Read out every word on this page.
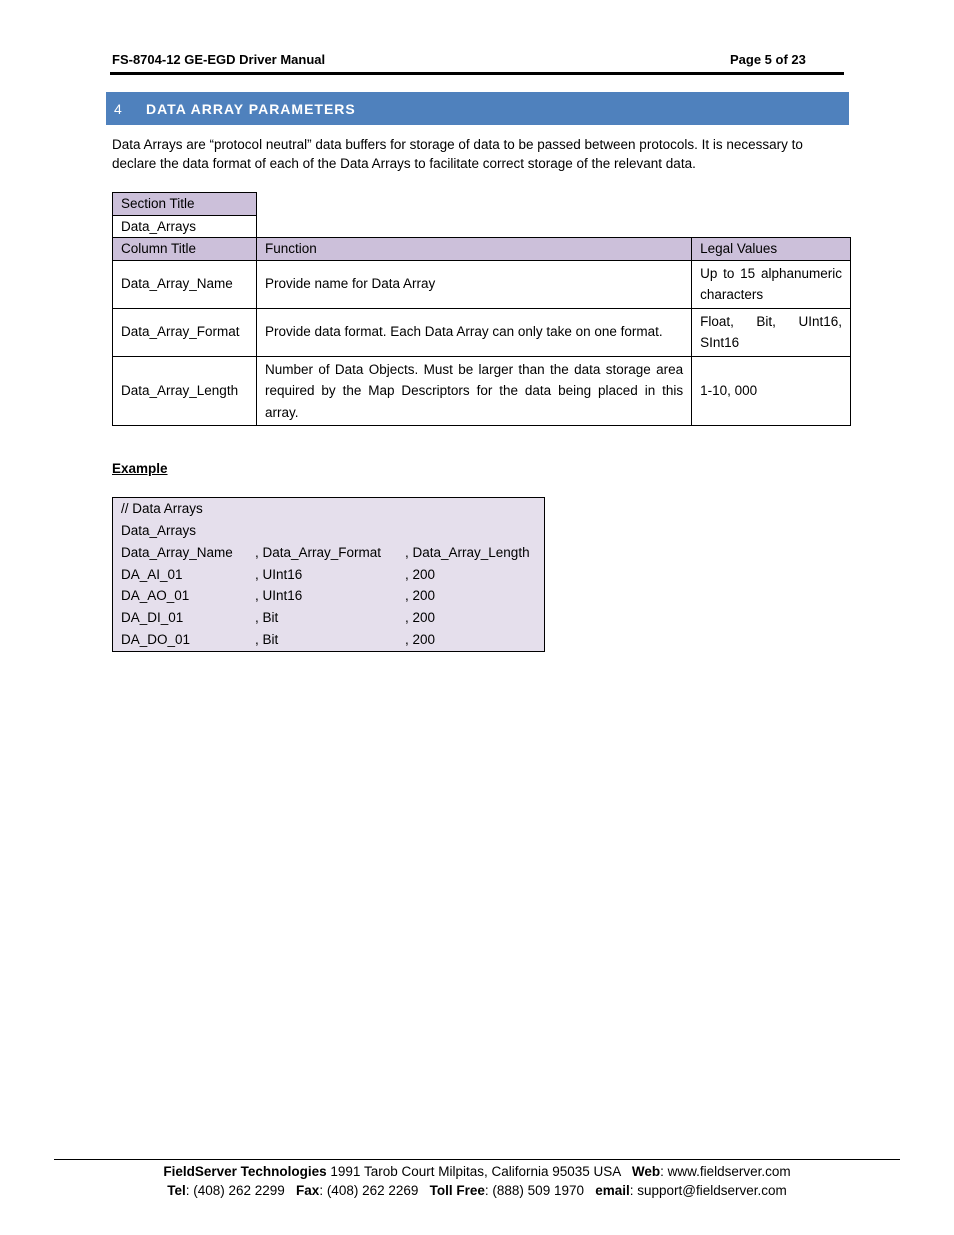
FS-8704-12 GE-EGD Driver Manual	Page 5 of 23
4	DATA ARRAY PARAMETERS
Data Arrays are “protocol neutral” data buffers for storage of data to be passed between protocols. It is necessary to declare the data format of each of the Data Arrays to facilitate correct storage of the relevant data.
Section Title
Data_Arrays
Column Title	Function	Legal Values
Data_Array_Name	Provide name for Data Array	Up to 15 alphanumeric characters
Data_Array_Format	Provide data format. Each Data Array can only take on one format.	Float, Bit, UInt16, SInt16
Data_Array_Length	Number of Data Objects. Must be larger than the data storage area required by the Map Descriptors for the data being placed in this array.	1-10, 000
Example
// Data Arrays
Data_Arrays
Data_Array_Name , Data_Array_Format , Data_Array_Length
DA_AI_01	, UInt16	, 200
DA_AO_01	, UInt16	, 200
DA_DI_01	, Bit	, 200
DA_DO_01	, Bit	, 200
FieldServer Technologies 1991 Tarob Court Milpitas, California 95035 USA   Web: www.fieldserver.com
Tel: (408) 262 2299   Fax: (408) 262 2269   Toll Free: (888) 509 1970   email: support@fieldserver.com
